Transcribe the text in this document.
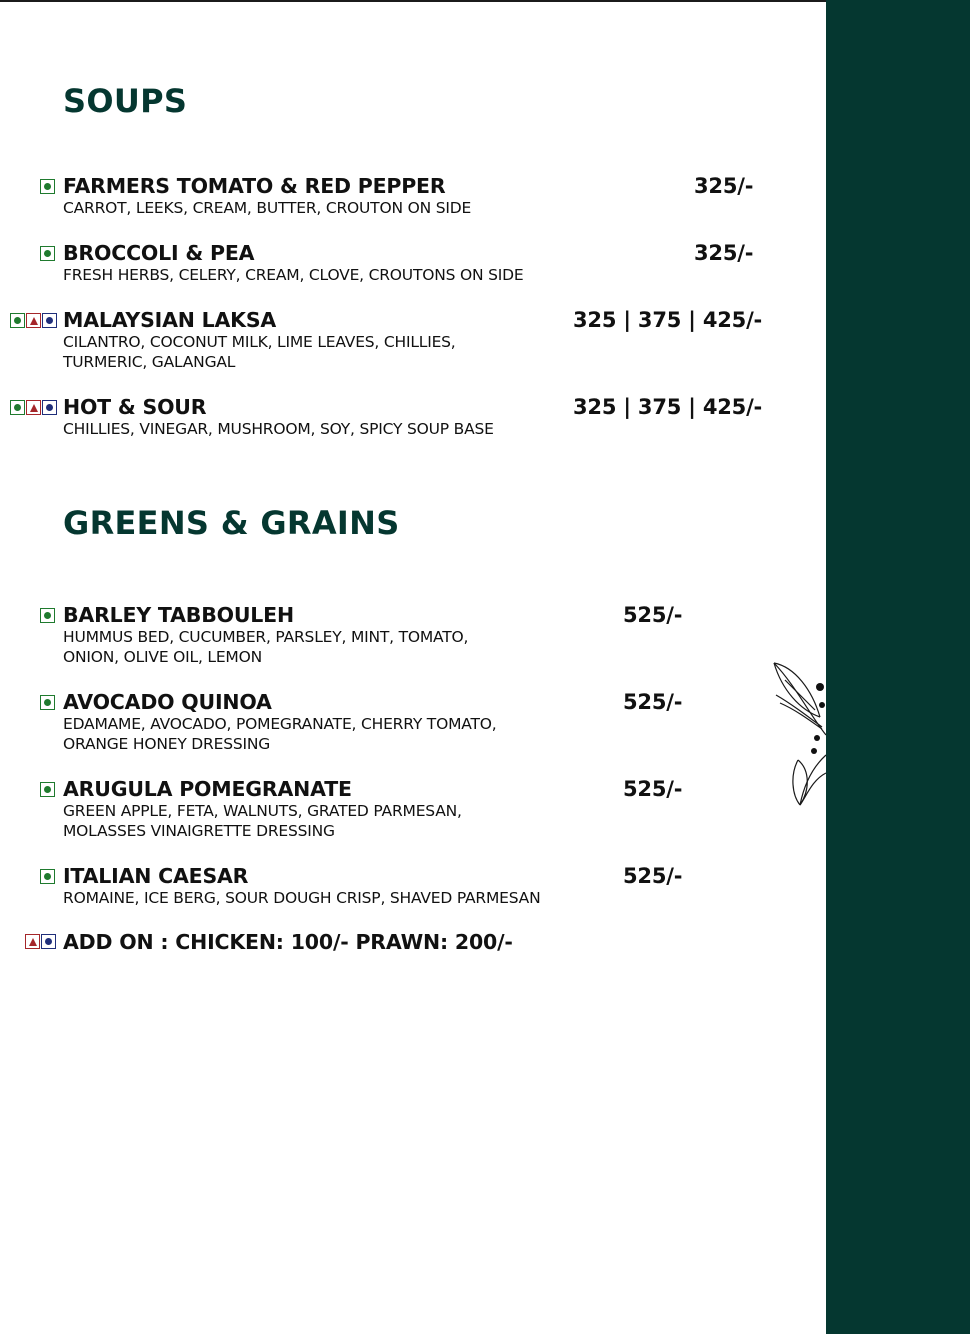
SOUPS
FARMERS TOMATO & RED PEPPER
CARROT, LEEKS, CREAM, BUTTER, CROUTON ON SIDE
325/-
BROCCOLI & PEA
FRESH HERBS, CELERY, CREAM, CLOVE, CROUTONS ON SIDE
325/-
MALAYSIAN LAKSA
CILANTRO, COCONUT MILK, LIME LEAVES, CHILLIES,
TURMERIC, GALANGAL
325 | 375 | 425/-
HOT & SOUR
CHILLIES, VINEGAR, MUSHROOM, SOY, SPICY SOUP BASE
325 | 375 | 425/-
GREENS & GRAINS
BARLEY TABBOULEH
HUMMUS BED, CUCUMBER, PARSLEY, MINT, TOMATO,
ONION, OLIVE OIL, LEMON
525/-
AVOCADO QUINOA
EDAMAME, AVOCADO, POMEGRANATE, CHERRY TOMATO,
ORANGE HONEY DRESSING
525/-
ARUGULA POMEGRANATE
GREEN APPLE, FETA, WALNUTS, GRATED PARMESAN,
MOLASSES VINAIGRETTE DRESSING
525/-
ITALIAN CAESAR
ROMAINE, ICE BERG, SOUR DOUGH CRISP, SHAVED PARMESAN
525/-
ADD ON : CHICKEN: 100/- PRAWN: 200/-
